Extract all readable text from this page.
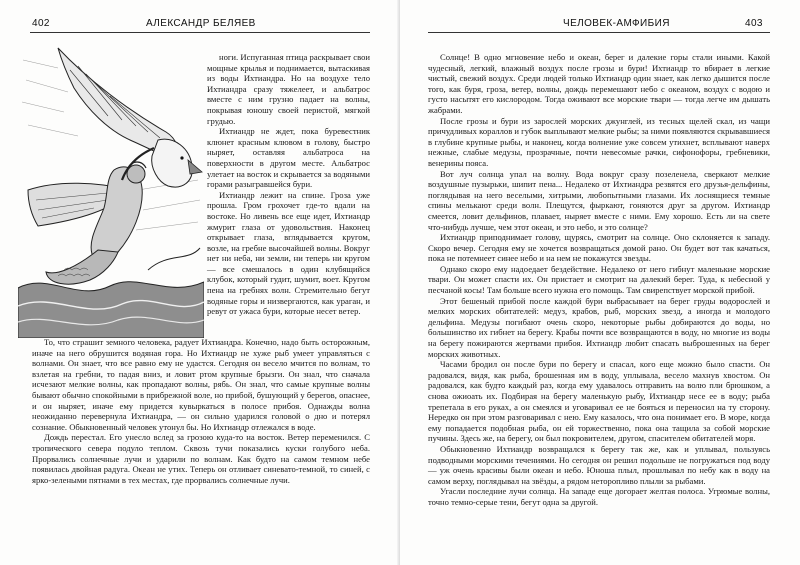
402	АЛЕКСАНДР БЕЛЯЕВ

ноги. Испуганная птица раскрывает свои мощные крылья и поднимается, вытаскивая из воды Ихтиандра. Но на воздухе тело Ихтиандра сразу тяжелеет, и альбатрос вместе с ним грузно падает на волны, покрывая юношу своей перистой, мягкой грудью.

Ихтиандр не ждет, пока буревестник клюнет красным клювом в голову, быстро ныряет, оставляя альбатроса на поверхности в другом месте. Альбатрос улетает на восток и скрывается за водяными горами разыгравшейся бури.

Ихтиандр лежит на спине. Гроза уже прошла. Гром грохочет где-то вдали на востоке. Но ливень все еще идет, Ихтиандр жмурит глаза от удовольствия. Наконец открывает глаза, вглядывается кругом, возле, на гребне высочайшей волны. Вокруг нет ни неба, ни земли, ни теперь ни кругом — все смешалось в один клубящийся клубок, который гудит, шумит, воет. Кругом пена на гребнях волн. Стремительно бегут водяные горы и низвергаются, как ураган, и ревут от ужаса бури, которые несет ветер.

То, что страшит земного человека, радует Ихтиандра. Конечно, надо быть осторожным, иначе на него обрушится водяная гора. Но Ихтиандр не хуже рыб умеет управляться с волнами. Он знает, что все равно ему не удастся. Сегодня он весело мчится по волнам, то взлетая на гребни, то падая вниз, и ловит ртом крупные брызги. Он знал, что сначала исчезают мелкие волны, как пропадают волны, рябь. Он знал, что самые крупные волны бывают обычно спокойными в прибрежной воле, но прибой, бушующий у берегов, опаснее, и он ныряет, иначе ему придется кувыркаться в полосе прибоя. Однажды волна неожиданно перевернула Ихтиандра, — он сильно ударился головой о дно и потерял сознание. Обыкновенный человек утонул бы. Но Ихтиандр отлежался в воде.

Дождь перестал. Его унесло вслед за грозою куда-то на восток. Ветер переменился. С тропического севера подуло теплом. Сквозь тучи показались куски голубого неба. Прорвались солнечные лучи и ударили по волнам. Как будто на самом темном небе появилась двойная радуга. Океан не утих. Теперь он отливает синевато-темной, то синей, с ярко-зелеными пятнами в тех местах, где прорвались солнечные лучи.

ЧЕЛОВЕК-АМФИБИЯ	403

Солнце! В одно мгновение небо и океан, берег и далекие горы стали иными. Какой чудесный, легкий, влажный воздух после грозы и бури! Ихтиандр то вбирает в легкие чистый, свежий воздух. Среди людей только Ихтиандр один знает, как легко дышится после того, как буря, гроза, ветер, волны, дождь перемешают небо с океаном, воздух с водою и густо насытят его кислородом. Тогда оживают все морские твари — тогда легче им дышать жабрами.

После грозы и бури из зарослей морских джунглей, из тесных щелей скал, из чащи причудливых кораллов и губок выплывают мелкие рыбы; за ними появляются скрывавшиеся в глубине крупные рыбы, и наконец, когда волнение уже совсем утихнет, всплывают наверх нежные, слабые медузы, прозрачные, почти невесомые рачки, сифонофоры, гребневики, венерины пояса.

Вот луч солнца упал на волну. Вода вокруг сразу позеленела, сверкают мелкие воздушные пузырьки, шипит пена... Недалеко от Ихтиандра резвятся его друзья-дельфины, поглядывая на него веселыми, хитрыми, любопытными глазами. Их лоснящиеся темные спины мелькают среди волн. Плещутся, фыркают, гоняются друг за другом. Ихтиандр смеется, ловит дельфинов, плавает, ныряет вместе с ними. Ему хорошо. Есть ли на свете что-нибудь лучше, чем этот океан, и это небо, и это солнце?

Ихтиандр приподнимает голову, щурясь, смотрит на солнце. Оно склоняется к западу. Скоро вечер. Сегодня ему не хочется возвращаться домой рано. Он будет вот так качаться, пока не потемнеет синее небо и на нем не покажутся звезды.

Однако скоро ему надоедает бездействие. Недалеко от него гибнут маленькие морские твари. Он может спасти их. Он пристает и смотрит на далекий берег. Туда, к небесной у песчаной косы! Там больше всего нужна его помощь. Там свирепствует морской прибой.

Этот бешеный прибой после каждой бури выбрасывает на берег груды водорослей и мелких морских обитателей: медуз, крабов, рыб, морских звезд, а иногда и молодого дельфина. Медузы погибают очень скоро, некоторые рыбы добираются до воды, но большинство их гибнет на берегу. Крабы почти все возвращаются в воду, но многие из воды на берегу пожираются жертвами прибоя. Ихтиандр любит спасать выброшенных на берег морских животных.

Часами бродил он после бури по берегу и спасал, кого еще можно было спасти. Он радовался, видя, как рыба, брошенная им в воду, уплывала, весело махнув хвостом. Он радовался, как будто каждый раз, когда ему удавалось отправить на волю пли брюшком, а снова ожиоать их. Подбирая на берегу маленькую рыбу, Ихтиандр несе ее в воду; рыба трепетала в его руках, а он смеялся и уговаривал ее не бояться и переносил на ту сторону. Нередко он при этом разговаривал с нею. Ему казалось, что она понимает его. В море, когда ему попадается подобная рыба, он ей торжественно, пока она тащила за собой морские пучины. Здесь же, на берегу, он был покровителем, другом, спасителем обитателей моря.

Обыкновенно Ихтиандр возвращался к берегу так же, как и уплывал, пользуясь подводными морскими течениями. Но сегодня он решил подольше не погружаться под воду — уж очень красивы были океан и небо. Юноша плыл, прошлывал по небу как в воду на самом верху, поглядывал на звёзды, а рядом неторопливо плыли за рыбами.

Угасли последние лучи солнца. На западе еще догорает желтая полоса. Угрюмые волны, точно темно-серые тени, бегут одна за другой.
